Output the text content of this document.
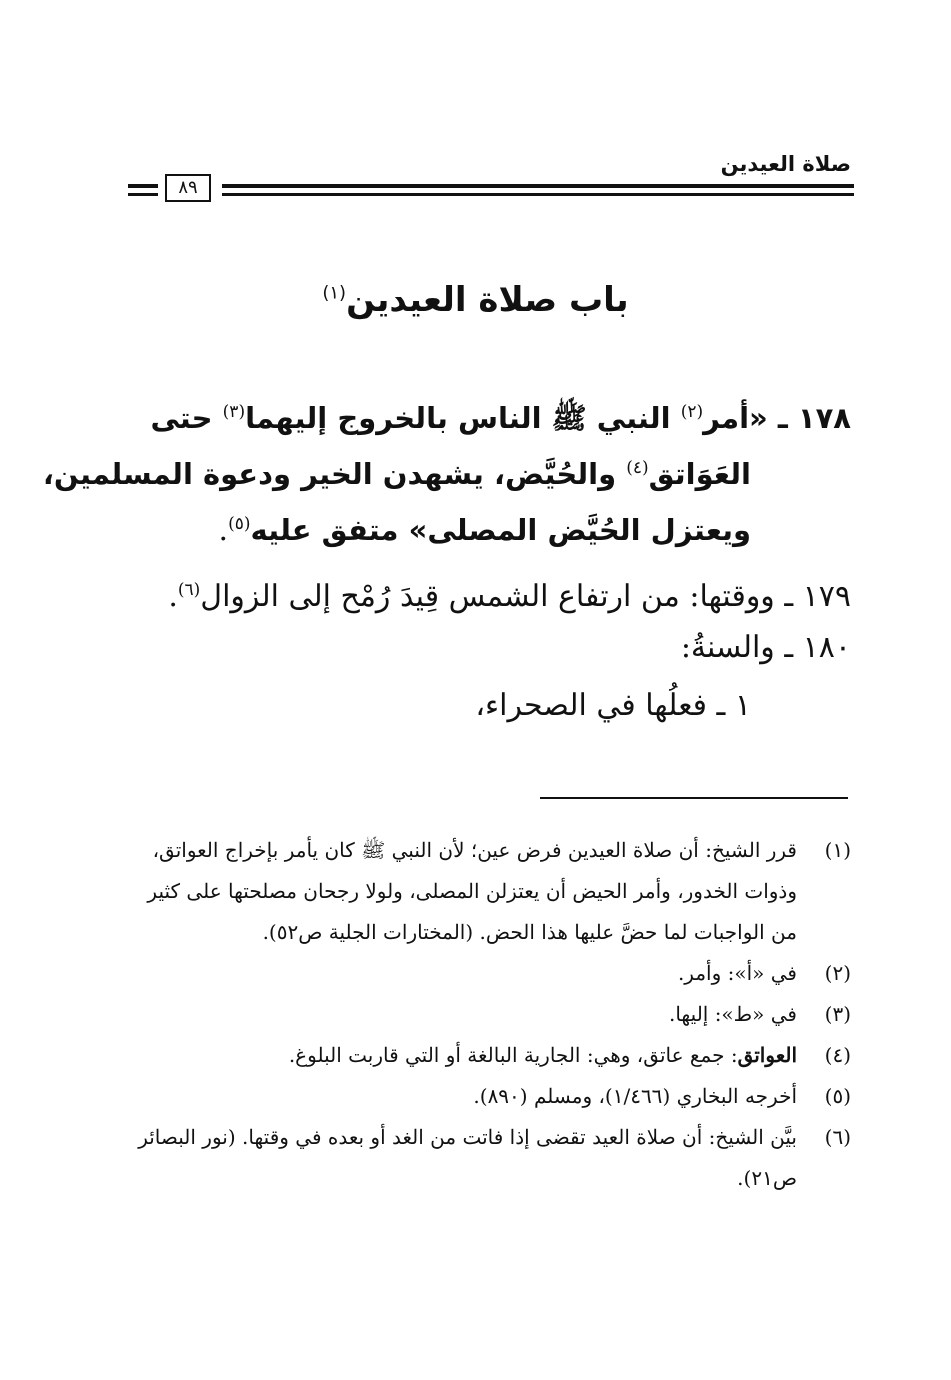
صلاة العيدين
٨٩
باب صلاة العيدين$^{(١)}$
١٧٨ ـ «أمر$^{(٢)}$ النبي ﷺ الناس بالخروج إليهما$^{(٣)}$ حتى
العَوَاتق$^{(٤)}$ والحُيَّض، يشهدن الخير ودعوة المسلمين،
ويعتزل الحُيَّض المصلى» متفق عليه$^{(٥)}$.
١٧٩ ـ ووقتها: من ارتفاع الشمس قِيدَ رُمْح إلى الزوال$^{(٦)}$.
١٨٠ ـ والسنةُ:
١ ـ فعلُها في الصحراء،
(١)
قرر الشيخ: أن صلاة العيدين فرض عين؛ لأن النبي ﷺ كان يأمر بإخراج العواتق، وذوات الخدور، وأمر الحيض أن يعتزلن المصلى، ولولا رجحان مصلحتها على كثير من الواجبات لما حضَّ عليها هذا الحض. (المختارات الجلية ص٥٢).
(٢)
في «أ»: وأمر.
(٣)
في «ط»: إليها.
(٤)
العواتق: جمع عاتق، وهي: الجارية البالغة أو التي قاربت البلوغ.
(٥)
أخرجه البخاري (١/٤٦٦)، ومسلم (٨٩٠).
(٦)
بيَّن الشيخ: أن صلاة العيد تقضى إذا فاتت من الغد أو بعده في وقتها. (نور البصائر ص٢١).
